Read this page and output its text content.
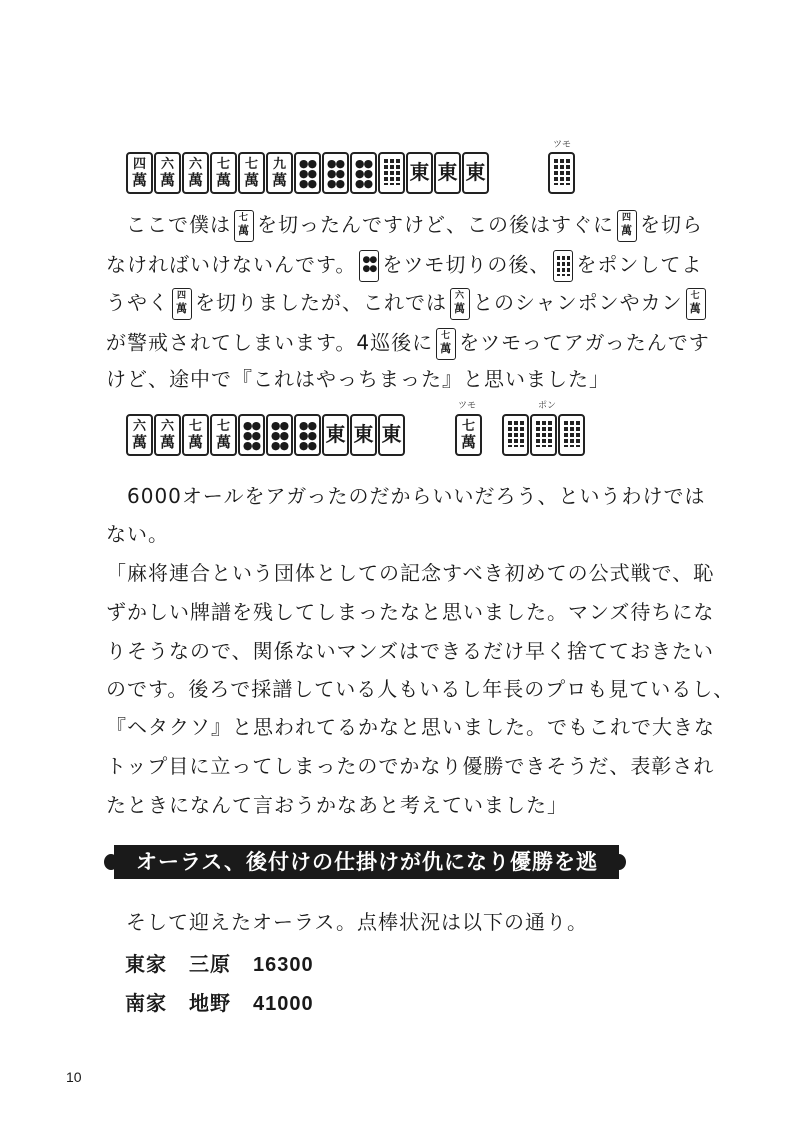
四
萬
六
萬
六
萬
七
萬
七
萬
九
萬
●●
●●
●●
●●
●●
●●
●●
●●
●● 東 東 東
ツモ
ここで僕は 七
萬 を切ったんですけど、この後はすぐに 四
萬 を切ら
なければいけないんです。 ●●
●● をツモ切りの後、 をポンしてよ
うやく 四
萬 を切りましたが、これでは 六
萬 とのシャンポンやカン 七
萬
が警戒されてしまいます。4巡後に 七
萬 をツモってアガったんです
けど、途中で『これはやっちまった』と思いました」
六
萬
六
萬
七
萬
七
萬
●●
●●
●●
●●
●●
●●
●●
●●
●● 東 東 東
ツモ
七
萬
ポン
　6000オールをアガったのだからいいだろう、というわけでは
ない。
「麻将連合という団体としての記念すべき初めての公式戦で、恥
ずかしい牌譜を残してしまったなと思いました。マンズ待ちにな
りそうなので、関係ないマンズはできるだけ早く捨てておきたい
のです。後ろで採譜している人もいるし年長のプロも見ているし、
『ヘタクソ』と思われてるかなと思いました。でもこれで大きな
トップ目に立ってしまったのでかなり優勝できそうだ、表彰され
たときになんて言おうかなあと考えていました」
オーラス、後付けの仕掛けが仇になり優勝を逃す
そして迎えたオーラス。点棒状況は以下の通り。
東家 三原 16300
南家 地野 41000
10
